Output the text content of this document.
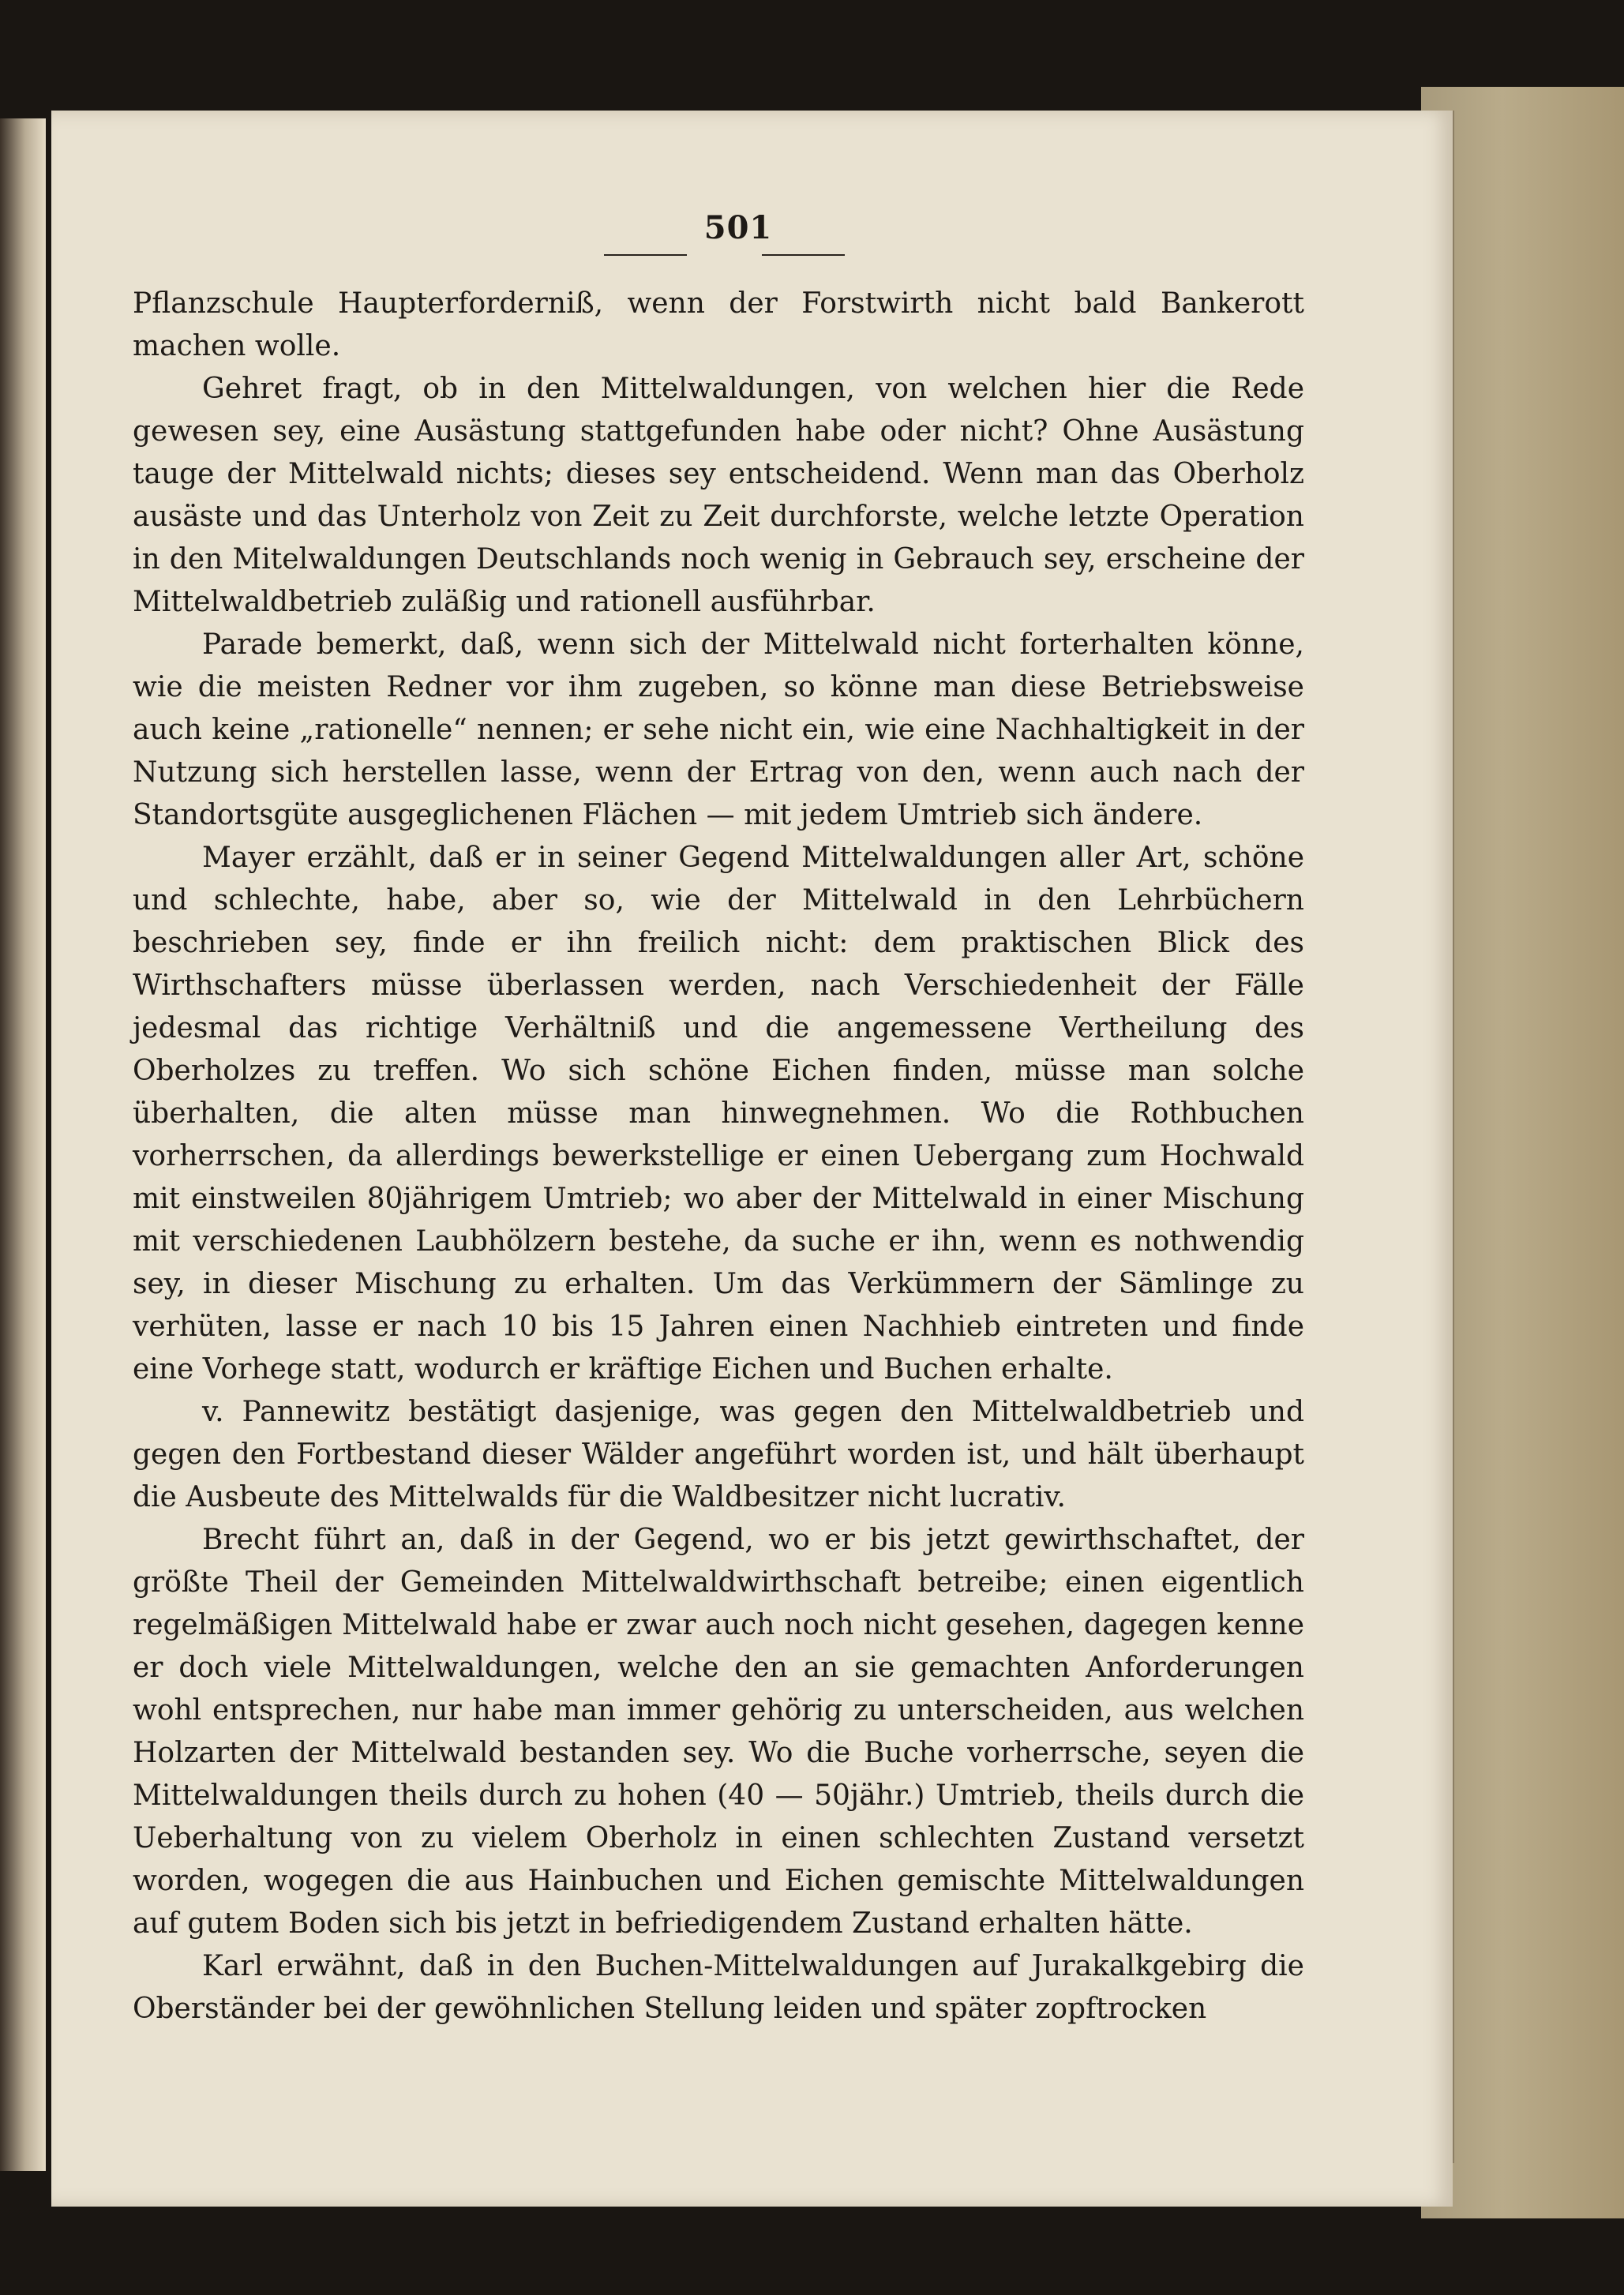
501

Pflanzschule Haupterforderniß, wenn der Forstwirth nicht bald Bankerott machen wolle.

Gehret fragt, ob in den Mittelwaldungen, von welchen hier die Rede gewesen sey, eine Ausästung stattgefunden habe oder nicht? Ohne Ausästung tauge der Mittelwald nichts; dieses sey entscheidend. Wenn man das Oberholz ausäste und das Unterholz von Zeit zu Zeit durchforste, welche letzte Operation in den Mitelwaldungen Deutschlands noch wenig in Gebrauch sey, erscheine der Mittelwaldbetrieb zuläßig und rationell ausführbar.

Parade bemerkt, daß, wenn sich der Mittelwald nicht forterhalten könne, wie die meisten Redner vor ihm zugeben, so könne man diese Betriebsweise auch keine „rationelle“ nennen; er sehe nicht ein, wie eine Nachhaltigkeit in der Nutzung sich herstellen lasse, wenn der Ertrag von den, wenn auch nach der Standortsgüte ausgeglichenen Flächen — mit jedem Umtrieb sich ändere.

Mayer erzählt, daß er in seiner Gegend Mittelwaldungen aller Art, schöne und schlechte, habe, aber so, wie der Mittelwald in den Lehrbüchern beschrieben sey, finde er ihn freilich nicht: dem praktischen Blick des Wirthschafters müsse überlassen werden, nach Verschiedenheit der Fälle jedesmal das richtige Verhältniß und die angemessene Vertheilung des Oberholzes zu treffen. Wo sich schöne Eichen finden, müsse man solche überhalten, die alten müsse man hinwegnehmen. Wo die Rothbuchen vorherrschen, da allerdings bewerkstellige er einen Uebergang zum Hochwald mit einstweilen 80jährigem Umtrieb; wo aber der Mittelwald in einer Mischung mit verschiedenen Laubhölzern bestehe, da suche er ihn, wenn es nothwendig sey, in dieser Mischung zu erhalten. Um das Verkümmern der Sämlinge zu verhüten, lasse er nach 10 bis 15 Jahren einen Nachhieb eintreten und finde eine Vorhege statt, wodurch er kräftige Eichen und Buchen erhalte.

v. Pannewitz bestätigt dasjenige, was gegen den Mittelwaldbetrieb und gegen den Fortbestand dieser Wälder angeführt worden ist, und hält überhaupt die Ausbeute des Mittelwalds für die Waldbesitzer nicht lucrativ.

Brecht führt an, daß in der Gegend, wo er bis jetzt gewirthschaftet, der größte Theil der Gemeinden Mittelwaldwirthschaft betreibe; einen eigentlich regelmäßigen Mittelwald habe er zwar auch noch nicht gesehen, dagegen kenne er doch viele Mittelwaldungen, welche den an sie gemachten Anforderungen wohl entsprechen, nur habe man immer gehörig zu unterscheiden, aus welchen Holzarten der Mittelwald bestanden sey. Wo die Buche vorherrsche, seyen die Mittelwaldungen theils durch zu hohen (40 — 50jähr.) Umtrieb, theils durch die Ueberhaltung von zu vielem Oberholz in einen schlechten Zustand versetzt worden, wogegen die aus Hainbuchen und Eichen gemischte Mittelwaldungen auf gutem Boden sich bis jetzt in befriedigendem Zustand erhalten hätte.

Karl erwähnt, daß in den Buchen-Mittelwaldungen auf Jurakalkgebirg die Oberständer bei der gewöhnlichen Stellung leiden und später zopftrocken
